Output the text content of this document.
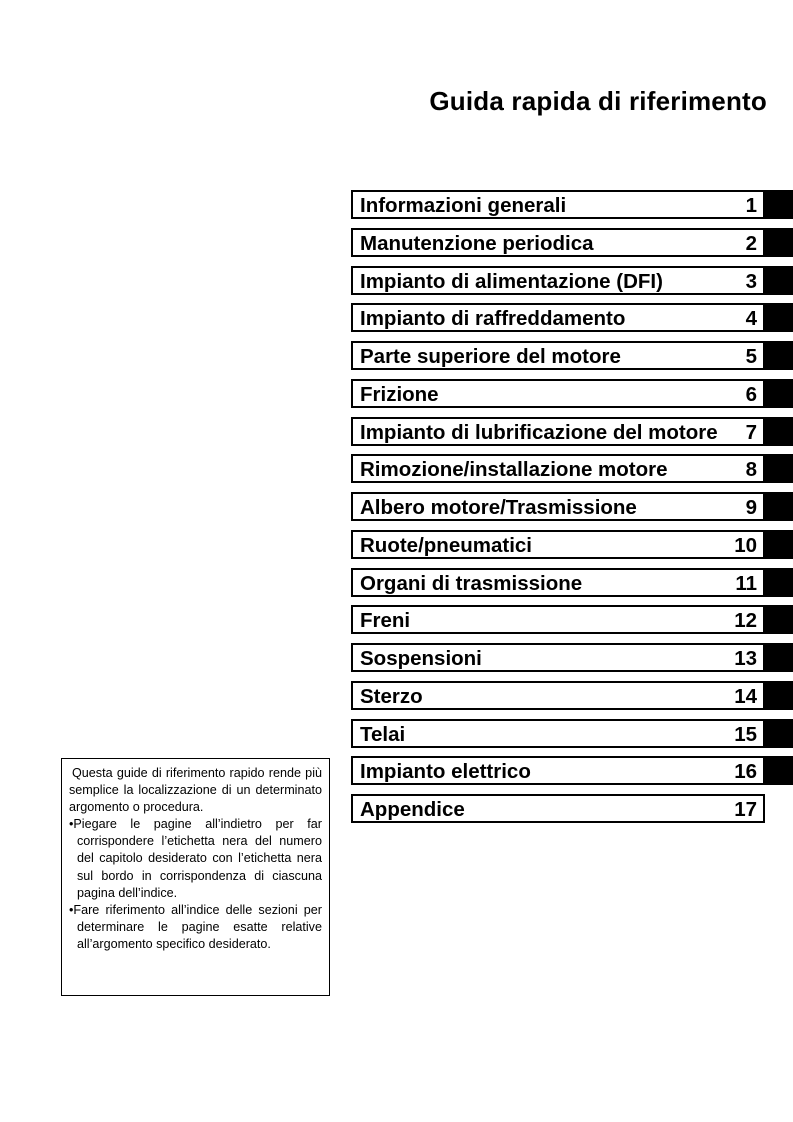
Guida rapida di riferimento
Informazioni generali	1
Manutenzione periodica	2
Impianto di alimentazione (DFI)	3
Impianto di raffreddamento	4
Parte superiore del motore	5
Frizione	6
Impianto di lubrificazione del motore 7
Rimozione/installazione motore	8
Albero motore/Trasmissione	9
Ruote/pneumatici	10
Organi di trasmissione	11
Freni	12
Sospensioni	13
Sterzo	14
Telai	15
Impianto elettrico	16
Appendice	17

Questa guide di riferimento rapido rende più semplice la localizzazione di un determinato argomento o procedura.

•Piegare le pagine all’indietro per far corrispondere l’etichetta nera del numero del capitolo desiderato con l’etichetta nera sul bordo in corrispondenza di ciascuna pagina dell’indice.

•Fare riferimento all’indice delle sezioni per determinare le pagine esatte relative all’argomento specifico desiderato.
